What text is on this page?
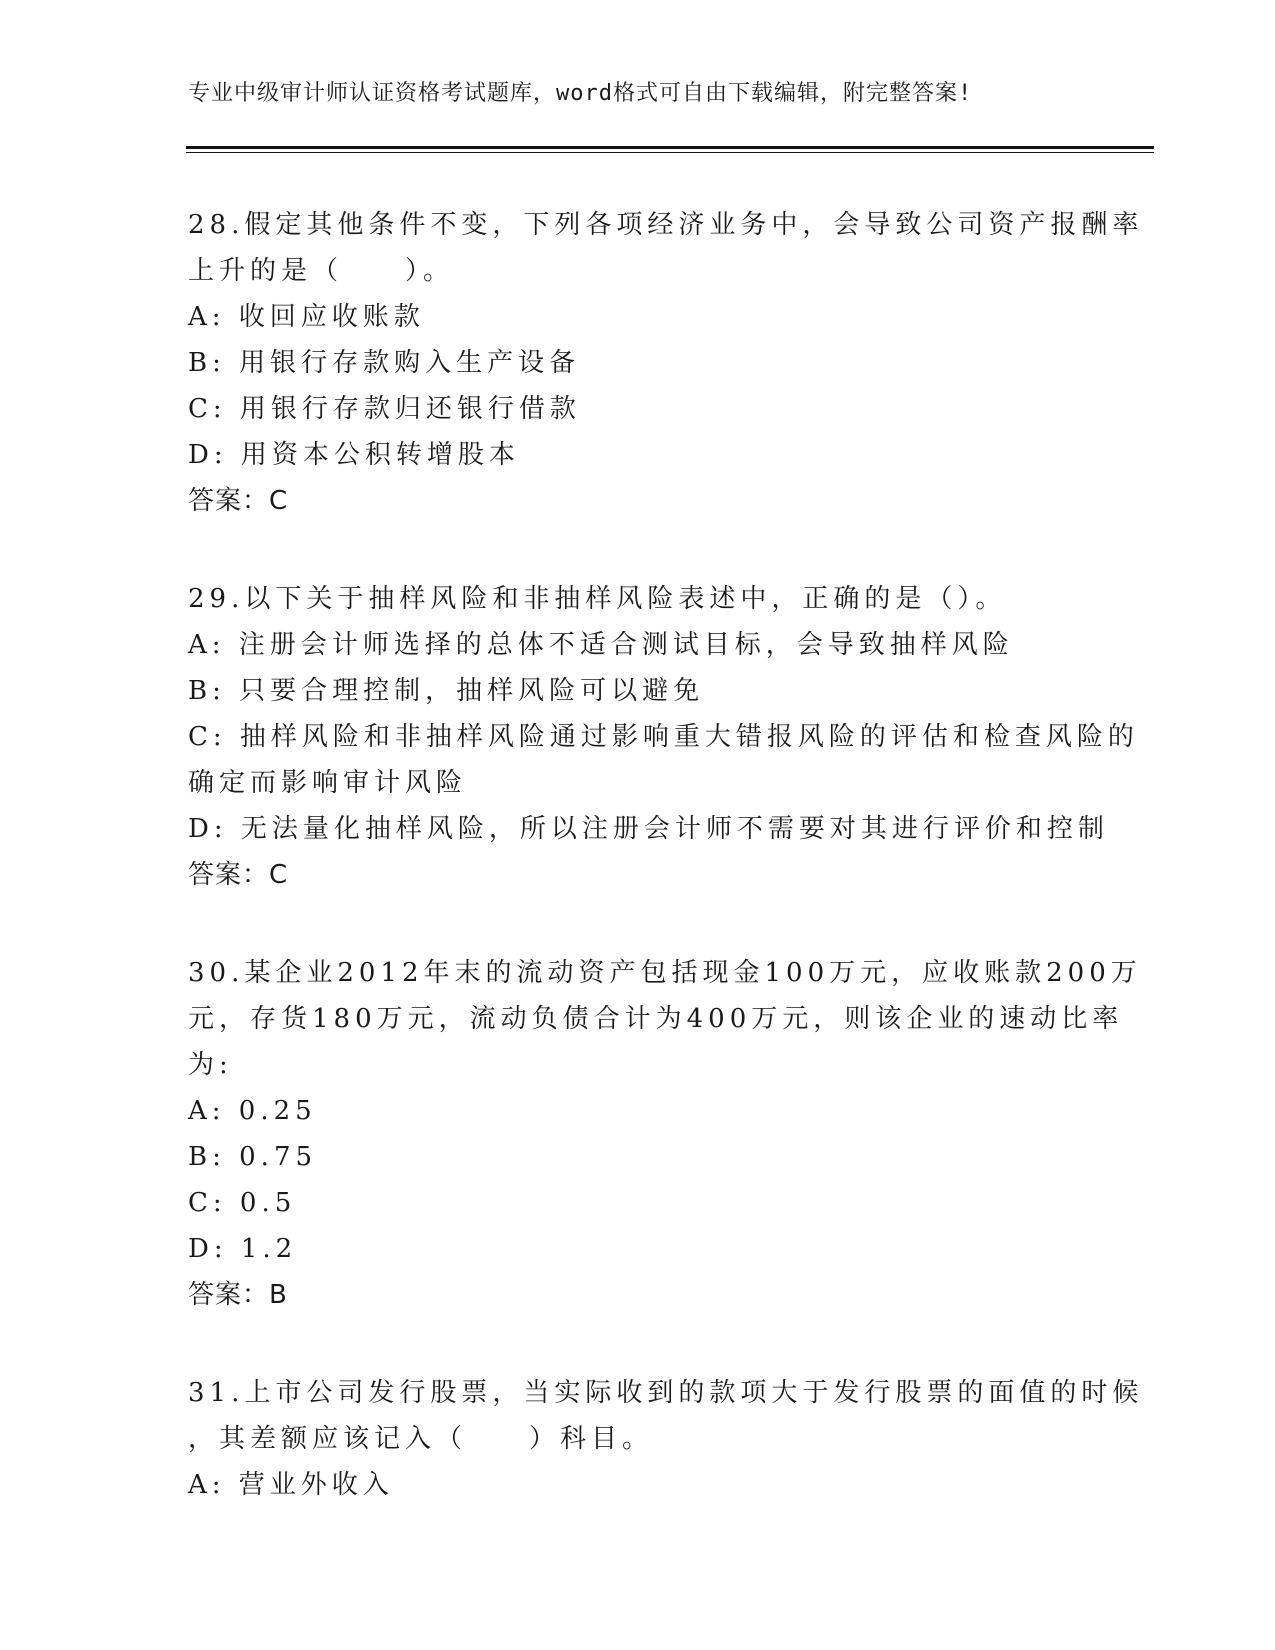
专业中级审计师认证资格考试题库，word格式可自由下载编辑，附完整答案!
28.假定其他条件不变，下列各项经济业务中，会导致公司资产报酬率
上升的是（　　）。
A: 收回应收账款
B: 用银行存款购入生产设备
C: 用银行存款归还银行借款
D: 用资本公积转增股本
答案：C
29.以下关于抽样风险和非抽样风险表述中，正确的是（）。
A: 注册会计师选择的总体不适合测试目标，会导致抽样风险
B: 只要合理控制，抽样风险可以避免
C: 抽样风险和非抽样风险通过影响重大错报风险的评估和检查风险的
确定而影响审计风险
D: 无法量化抽样风险，所以注册会计师不需要对其进行评价和控制
答案：C
30.某企业2012年末的流动资产包括现金100万元，应收账款200万
元，存货180万元，流动负债合计为400万元，则该企业的速动比率
为:
A: 0.25
B: 0.75
C: 0.5
D: 1.2
答案：B
31.上市公司发行股票，当实际收到的款项大于发行股票的面值的时候
，其差额应该记入（　　）科目。
A: 营业外收入
